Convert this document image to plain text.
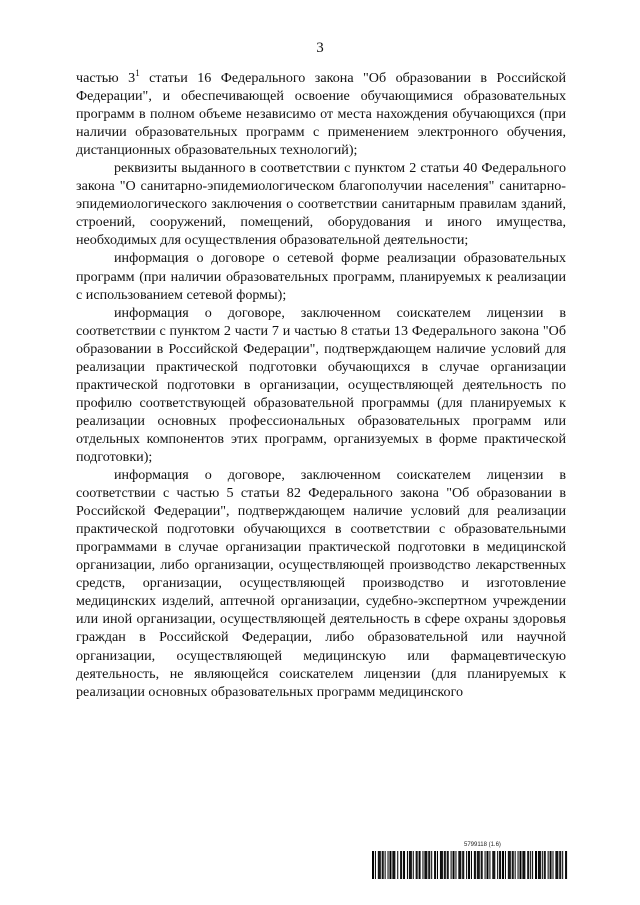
3

частью $3^1$ статьи 16 Федерального закона "Об образовании в Российской Федерации", и обеспечивающей освоение обучающимися образовательных программ в полном объеме независимо от места нахождения обучающихся (при наличии образовательных программ с применением электронного обучения, дистанционных образовательных технологий);

реквизиты выданного в соответствии с пунктом 2 статьи 40 Федерального закона "О санитарно-эпидемиологическом благополучии населения" санитарно-эпидемиологического заключения о соответствии санитарным правилам зданий, строений, сооружений, помещений, оборудования и иного имущества, необходимых для осуществления образовательной деятельности;

информация о договоре о сетевой форме реализации образовательных программ (при наличии образовательных программ, планируемых к реализации с использованием сетевой формы);

информация о договоре, заключенном соискателем лицензии в соответствии с пунктом 2 части 7 и частью 8 статьи 13 Федерального закона "Об образовании в Российской Федерации", подтверждающем наличие условий для реализации практической подготовки обучающихся в случае организации практической подготовки в организации, осуществляющей деятельность по профилю соответствующей образовательной программы (для планируемых к реализации основных профессиональных образовательных программ или отдельных компонентов этих программ, организуемых в форме практической подготовки);

информация о договоре, заключенном соискателем лицензии в соответствии с частью 5 статьи 82 Федерального закона "Об образовании в Российской Федерации", подтверждающем наличие условий для реализации практической подготовки обучающихся в соответствии с образовательными программами в случае организации практической подготовки в медицинской организации, либо организации, осуществляющей производство лекарственных средств, организации, осуществляющей производство и изготовление медицинских изделий, аптечной организации, судебно-экспертном учреждении или иной организации, осуществляющей деятельность в сфере охраны здоровья граждан в Российской Федерации, либо образовательной или научной организации, осуществляющей медицинскую или фармацевтическую деятельность, не являющейся соискателем лицензии (для планируемых к реализации основных образовательных программ медицинского

5799118 (1.6)
